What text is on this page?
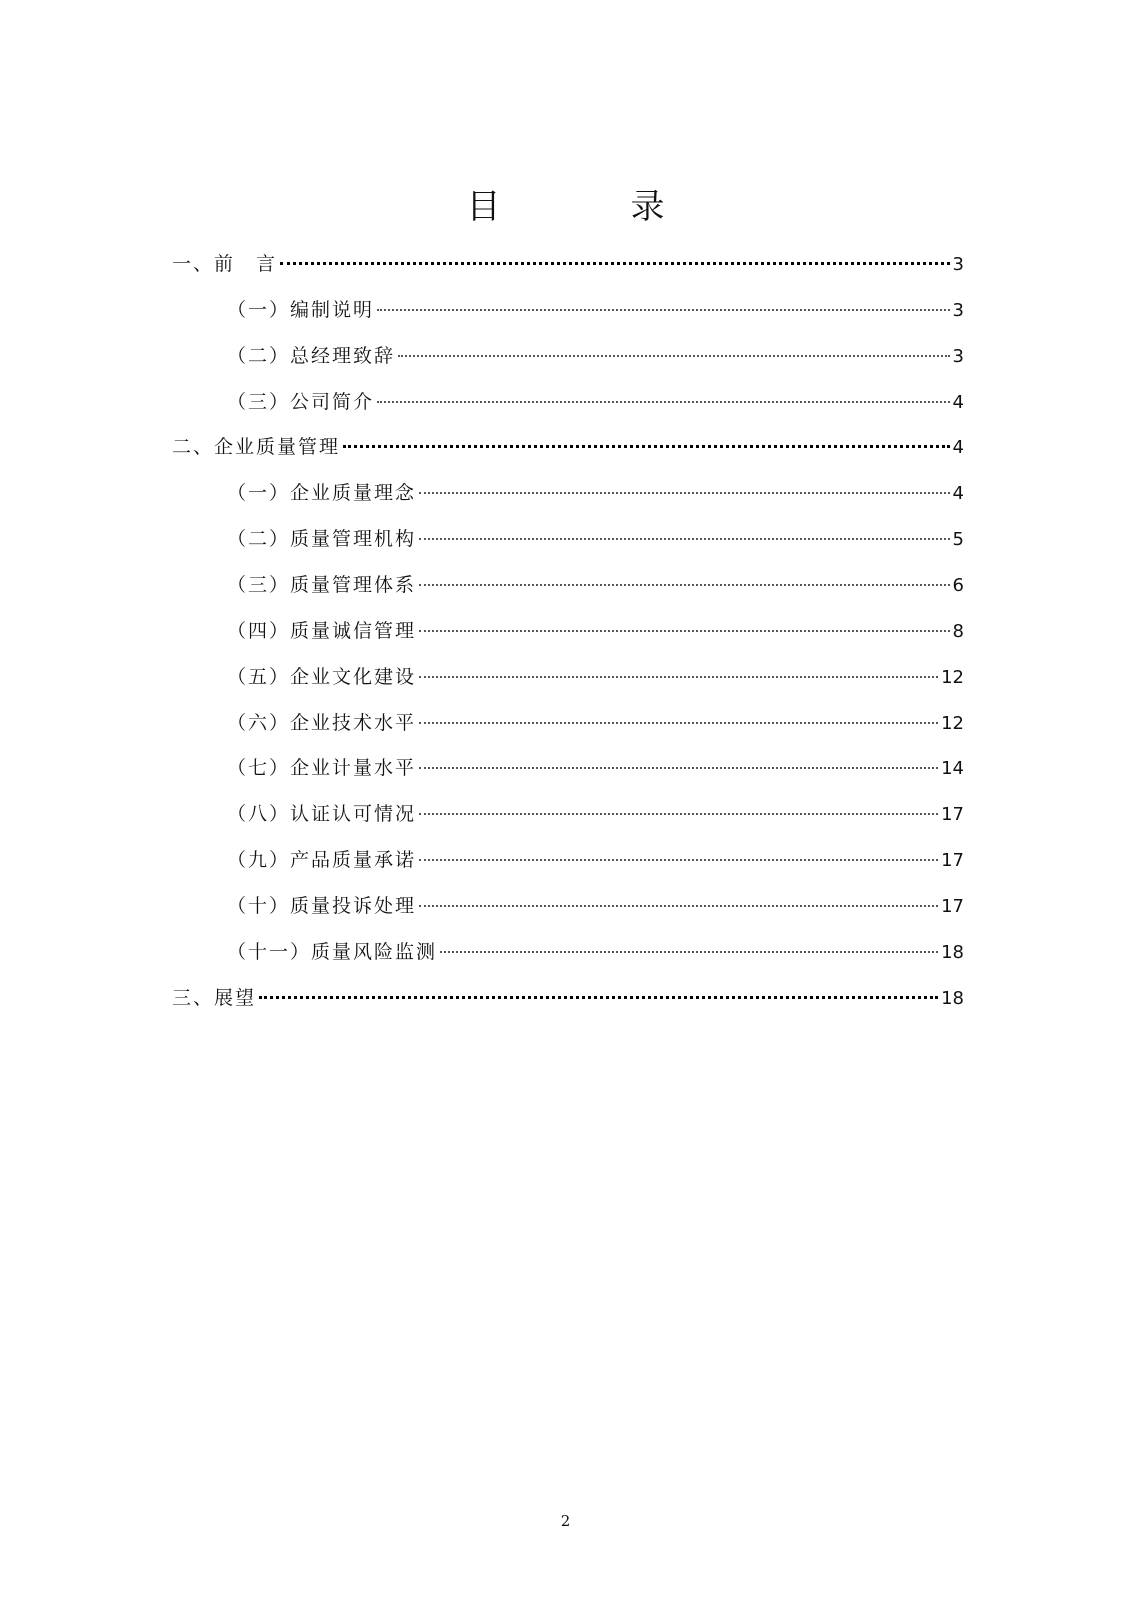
目　录
一、前　言	3
（一）编制说明	3
（二）总经理致辞	3
（三）公司简介	4
二、企业质量管理	4
（一）企业质量理念	4
（二）质量管理机构	5
（三）质量管理体系	6
（四）质量诚信管理	8
（五）企业文化建设	12
（六）企业技术水平	12
（七）企业计量水平	14
（八）认证认可情况	17
（九）产品质量承诺	17
（十）质量投诉处理	17
（十一）质量风险监测	18
三、展望	18
2
